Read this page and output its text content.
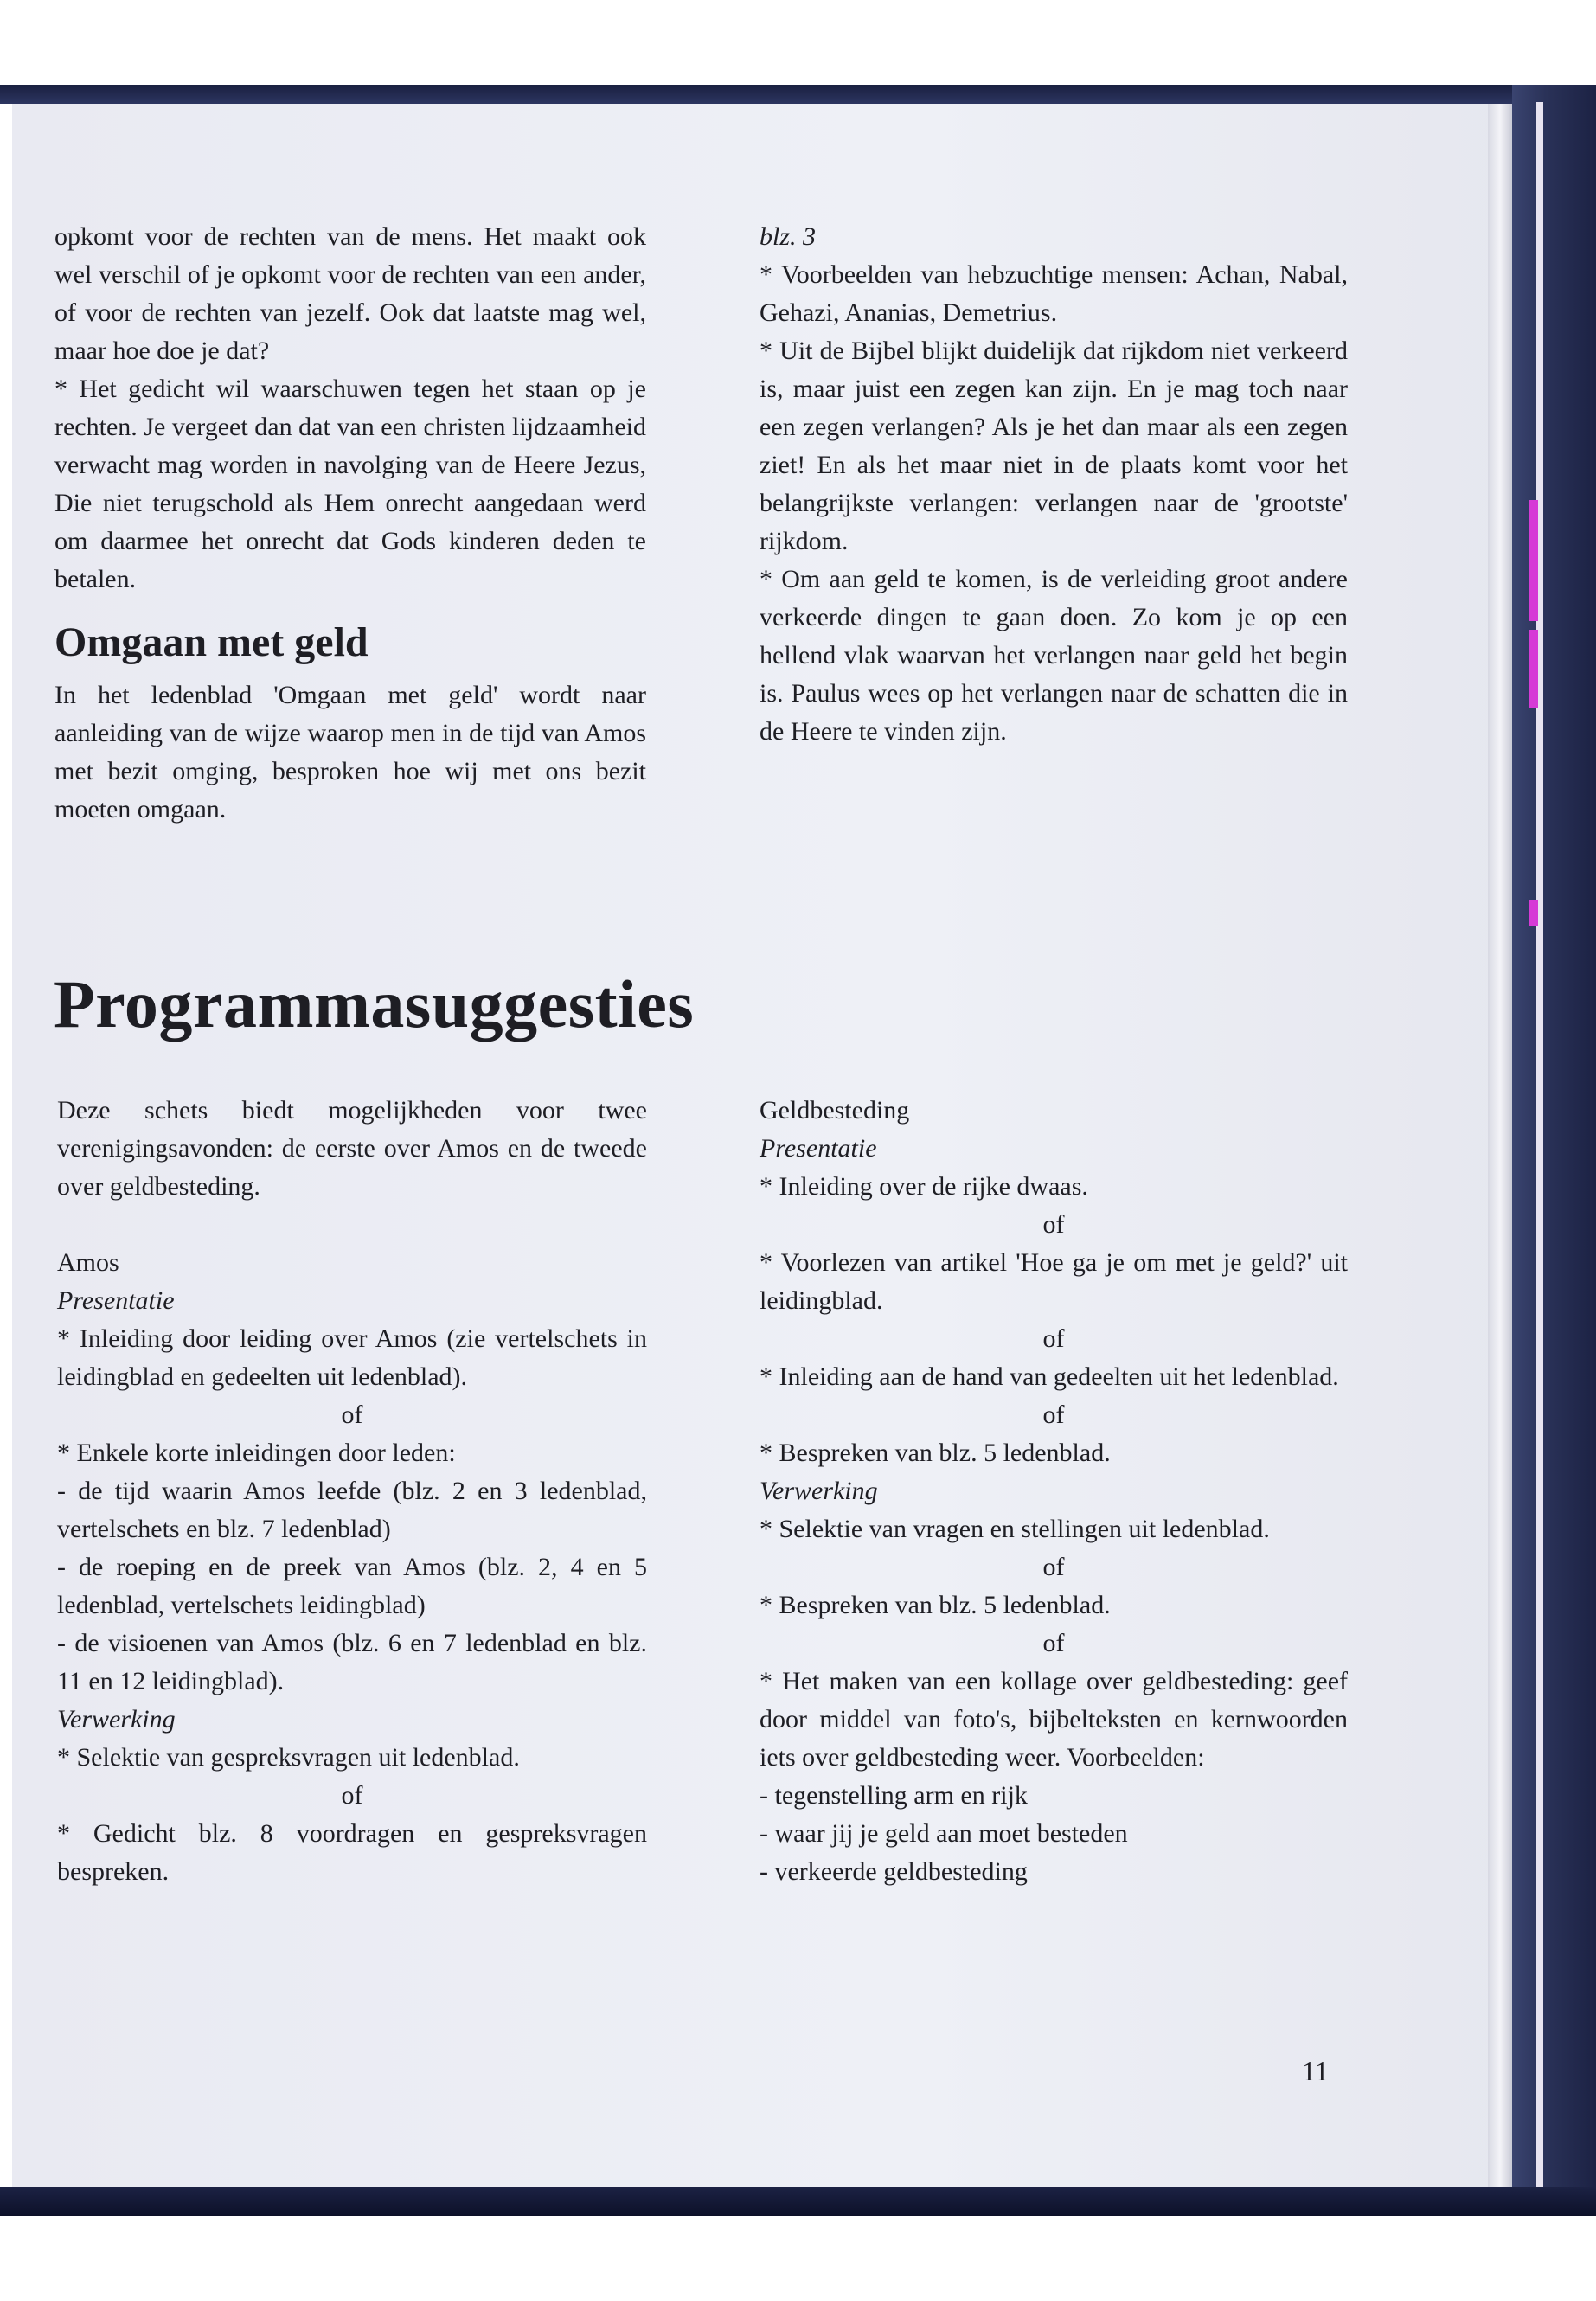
opkomt voor de rechten van de mens. Het maakt ook wel verschil of je opkomt voor de rechten van een ander, of voor de rechten van jezelf. Ook dat laatste mag wel, maar hoe doe je dat?

* Het gedicht wil waarschuwen tegen het staan op je rechten. Je vergeet dan dat van een christen lijdzaamheid verwacht mag worden in navolging van de Heere Jezus, Die niet terugschold als Hem onrecht aangedaan werd om daarmee het onrecht dat Gods kinderen deden te betalen.

Omgaan met geld

In het ledenblad 'Omgaan met geld' wordt naar aanleiding van de wijze waarop men in de tijd van Amos met bezit omging, besproken hoe wij met ons bezit moeten omgaan.

blz. 3

* Voorbeelden van hebzuchtige mensen: Achan, Nabal, Gehazi, Ananias, Demetrius.

* Uit de Bijbel blijkt duidelijk dat rijkdom niet verkeerd is, maar juist een zegen kan zijn. En je mag toch naar een zegen verlangen? Als je het dan maar als een zegen ziet! En als het maar niet in de plaats komt voor het belangrijkste verlangen: verlangen naar de 'grootste' rijkdom.

* Om aan geld te komen, is de verleiding groot andere verkeerde dingen te gaan doen. Zo kom je op een hellend vlak waarvan het verlangen naar geld het begin is. Paulus wees op het verlangen naar de schatten die in de Heere te vinden zijn.

Programmasuggesties

Deze schets biedt mogelijkheden voor twee verenigingsavonden: de eerste over Amos en de tweede over geldbesteding.

Amos

Presentatie

* Inleiding door leiding over Amos (zie vertelschets in leidingblad en gedeelten uit ledenblad).

of

* Enkele korte inleidingen door leden:

- de tijd waarin Amos leefde (blz. 2 en 3 ledenblad, vertelschets en blz. 7 ledenblad)

- de roeping en de preek van Amos (blz. 2, 4 en 5 ledenblad, vertelschets leidingblad)

- de visioenen van Amos (blz. 6 en 7 ledenblad en blz. 11 en 12 leidingblad).

Verwerking

* Selektie van gespreksvragen uit ledenblad.

of

* Gedicht blz. 8 voordragen en gespreksvragen bespreken.

Geldbesteding

Presentatie

* Inleiding over de rijke dwaas.

of

* Voorlezen van artikel 'Hoe ga je om met je geld?' uit leidingblad.

of

* Inleiding aan de hand van gedeelten uit het ledenblad.

of

* Bespreken van blz. 5 ledenblad.

Verwerking

* Selektie van vragen en stellingen uit ledenblad.

of

* Bespreken van blz. 5 ledenblad.

of

* Het maken van een kollage over geldbesteding: geef door middel van foto's, bijbelteksten en kernwoorden iets over geldbesteding weer. Voorbeelden:

- tegenstelling arm en rijk

- waar jij je geld aan moet besteden

- verkeerde geldbesteding

11
